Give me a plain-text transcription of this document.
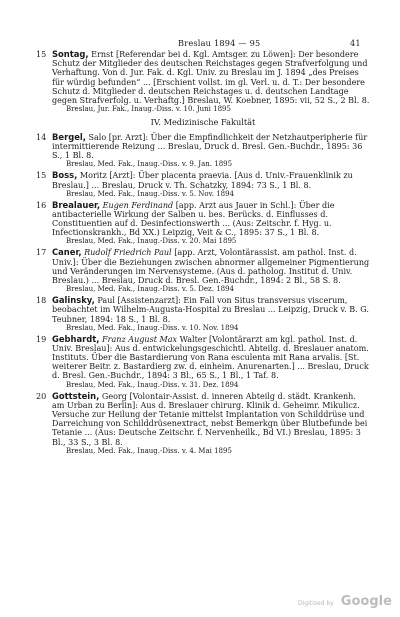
Breslau 1894 — 95	41
15 Sontag, Ernst [Referendar bei d. Kgl. Amtsger. zu Löwen]: Der besondere Schutz der Mitglieder des deutschen Reichstages gegen Strafverfolgung und Verhaftung. Von d. Jur. Fak. d. Kgl. Univ. zu Breslau im J. 1894 „des Preises für würdig befunden“ ... [Erschient vollst. im gl. Verl. u. d. T.: Der besondere Schutz d. Mitglieder d. deutschen Reichstages u. d. deutschen Landtage gegen Strafverfolg. u. Verhaftg.] Breslau, W. Koebner, 1895: vii, 52 S., 2 Bl. 8.
Breslau, Jur. Fak., Inaug.-Diss. v. 10. Juni 1895
IV. Medizinische Fakultät
14 Bergel, Salo [pr. Arzt]: Über die Empfindlichkeit der Netzhautperipherie für intermittierende Reizung ... Breslau, Druck d. Bresl. Gen.-Buchdr., 1895: 36 S., 1 Bl. 8.
Breslau, Med. Fak., Inaug.-Diss. v. 9. Jan. 1895
15 Boss, Moritz [Arzt]: Über placenta praevia. [Aus d. Univ.-Frauenklinik zu Breslau.] ... Breslau, Druck v. Th. Schatzky, 1894: 73 S., 1 Bl. 8.
Breslau, Med. Fak., Inaug.-Diss. v. 5. Nov. 1894
16 Brealauer, Eugen Ferdinand [app. Arzt aus Jauer in Schl.]: Über die antibacterielle Wirkung der Salben u. bes. Berücks. d. Einflusses d. Constituentien auf d. Desinfectionswerth ... (Aus: Zeitschr. f. Hyg. u. Infectionskrankh., Bd XX.) Leipzig, Veit & C., 1895: 37 S., 1 Bl. 8.
Breslau, Med. Fak., Inaug.-Diss. v. 20. Mai 1895
17 Caner, Rudolf Friedrich Paul [app. Arzt, Volontärassist. am pathol. Inst. d. Univ.]: Über die Beziehungen zwischen abnormer allgemeiner Pigmentierung und Veränderungen im Nervensysteme. (Aus d. patholog. Institut d. Univ. Breslau.) ... Breslau, Druck d. Bresl. Gen.-Buchdr., 1894: 2 Bl., 58 S. 8.
Breslau, Med. Fak., Inaug.-Diss. v. 5. Dez. 1894
18 Galinsky, Paul [Assistenzarzt]: Ein Fall von Situs transversus viscerum, beobachtet im Wilhelm-Augusta-Hospital zu Breslau ... Leipzig, Druck v. B. G. Teubner, 1894: 18 S., 1 Bl. 8.
Breslau, Med. Fak., Inaug.-Diss. v. 10. Nov. 1894
19 Gebhardt, Franz August Max Walter [Volontärarzt am kgl. pathol. Inst. d. Univ. Breslau]: Aus d. entwickelungsgeschichtl. Abteilg. d. Breslauer anatom. Instituts. Über die Bastardierung von Rana esculenta mit Rana arvalis. [St. weiterer Beitr. z. Bastardierg zw. d. einheim. Anurenarten.] ... Breslau, Druck d. Bresl. Gen.-Buchdr., 1894: 3 Bl., 65 S., 1 Bl., 1 Taf. 8.
Breslau, Med. Fak., Inaug.-Diss. v. 31. Dez. 1894
20 Gottstein, Georg [Volontair-Assist. d. inneren Abteilg d. städt. Krankenh. am Urban zu Berlin]: Aus d. Breslauer chirurg. Klinik d. Geheimr. Mikulicz. Versuche zur Heilung der Tetanie mittelst Implantation von Schilddrüse und Darreichung von Schilddrüsenextract, nebst Bemerkgn über Blutbefunde bei Tetanie ... (Aus: Deutsche Zeitschr. f. Nervenheilk., Bd VI.) Breslau, 1895: 3 Bl., 33 S., 3 Bl. 8.
Breslau, Med. Fak., Inaug.-Diss. v. 4. Mai 1895
Digitized by Google
